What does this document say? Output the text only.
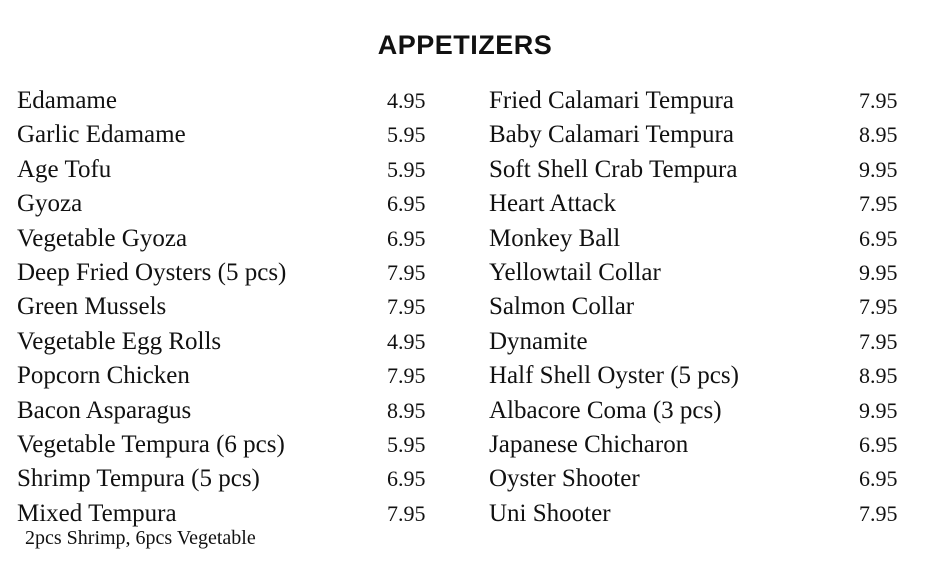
APPETIZERS
Edamame	4.95
Garlic Edamame	5.95
Age Tofu	5.95
Gyoza	6.95
Vegetable Gyoza	6.95
Deep Fried Oysters (5 pcs)	7.95
Green Mussels	7.95
Vegetable Egg Rolls	4.95
Popcorn Chicken	7.95
Bacon Asparagus	8.95
Vegetable Tempura (6 pcs)	5.95
Shrimp Tempura (5 pcs)	6.95
Mixed Tempura	7.95
2pcs Shrimp, 6pcs Vegetable
Fried Calamari Tempura	7.95
Baby Calamari Tempura	8.95
Soft Shell Crab Tempura	9.95
Heart Attack	7.95
Monkey Ball	6.95
Yellowtail Collar	9.95
Salmon Collar	7.95
Dynamite	7.95
Half Shell Oyster (5 pcs)	8.95
Albacore Coma (3 pcs)	9.95
Japanese Chicharon	6.95
Oyster Shooter	6.95
Uni Shooter	7.95
